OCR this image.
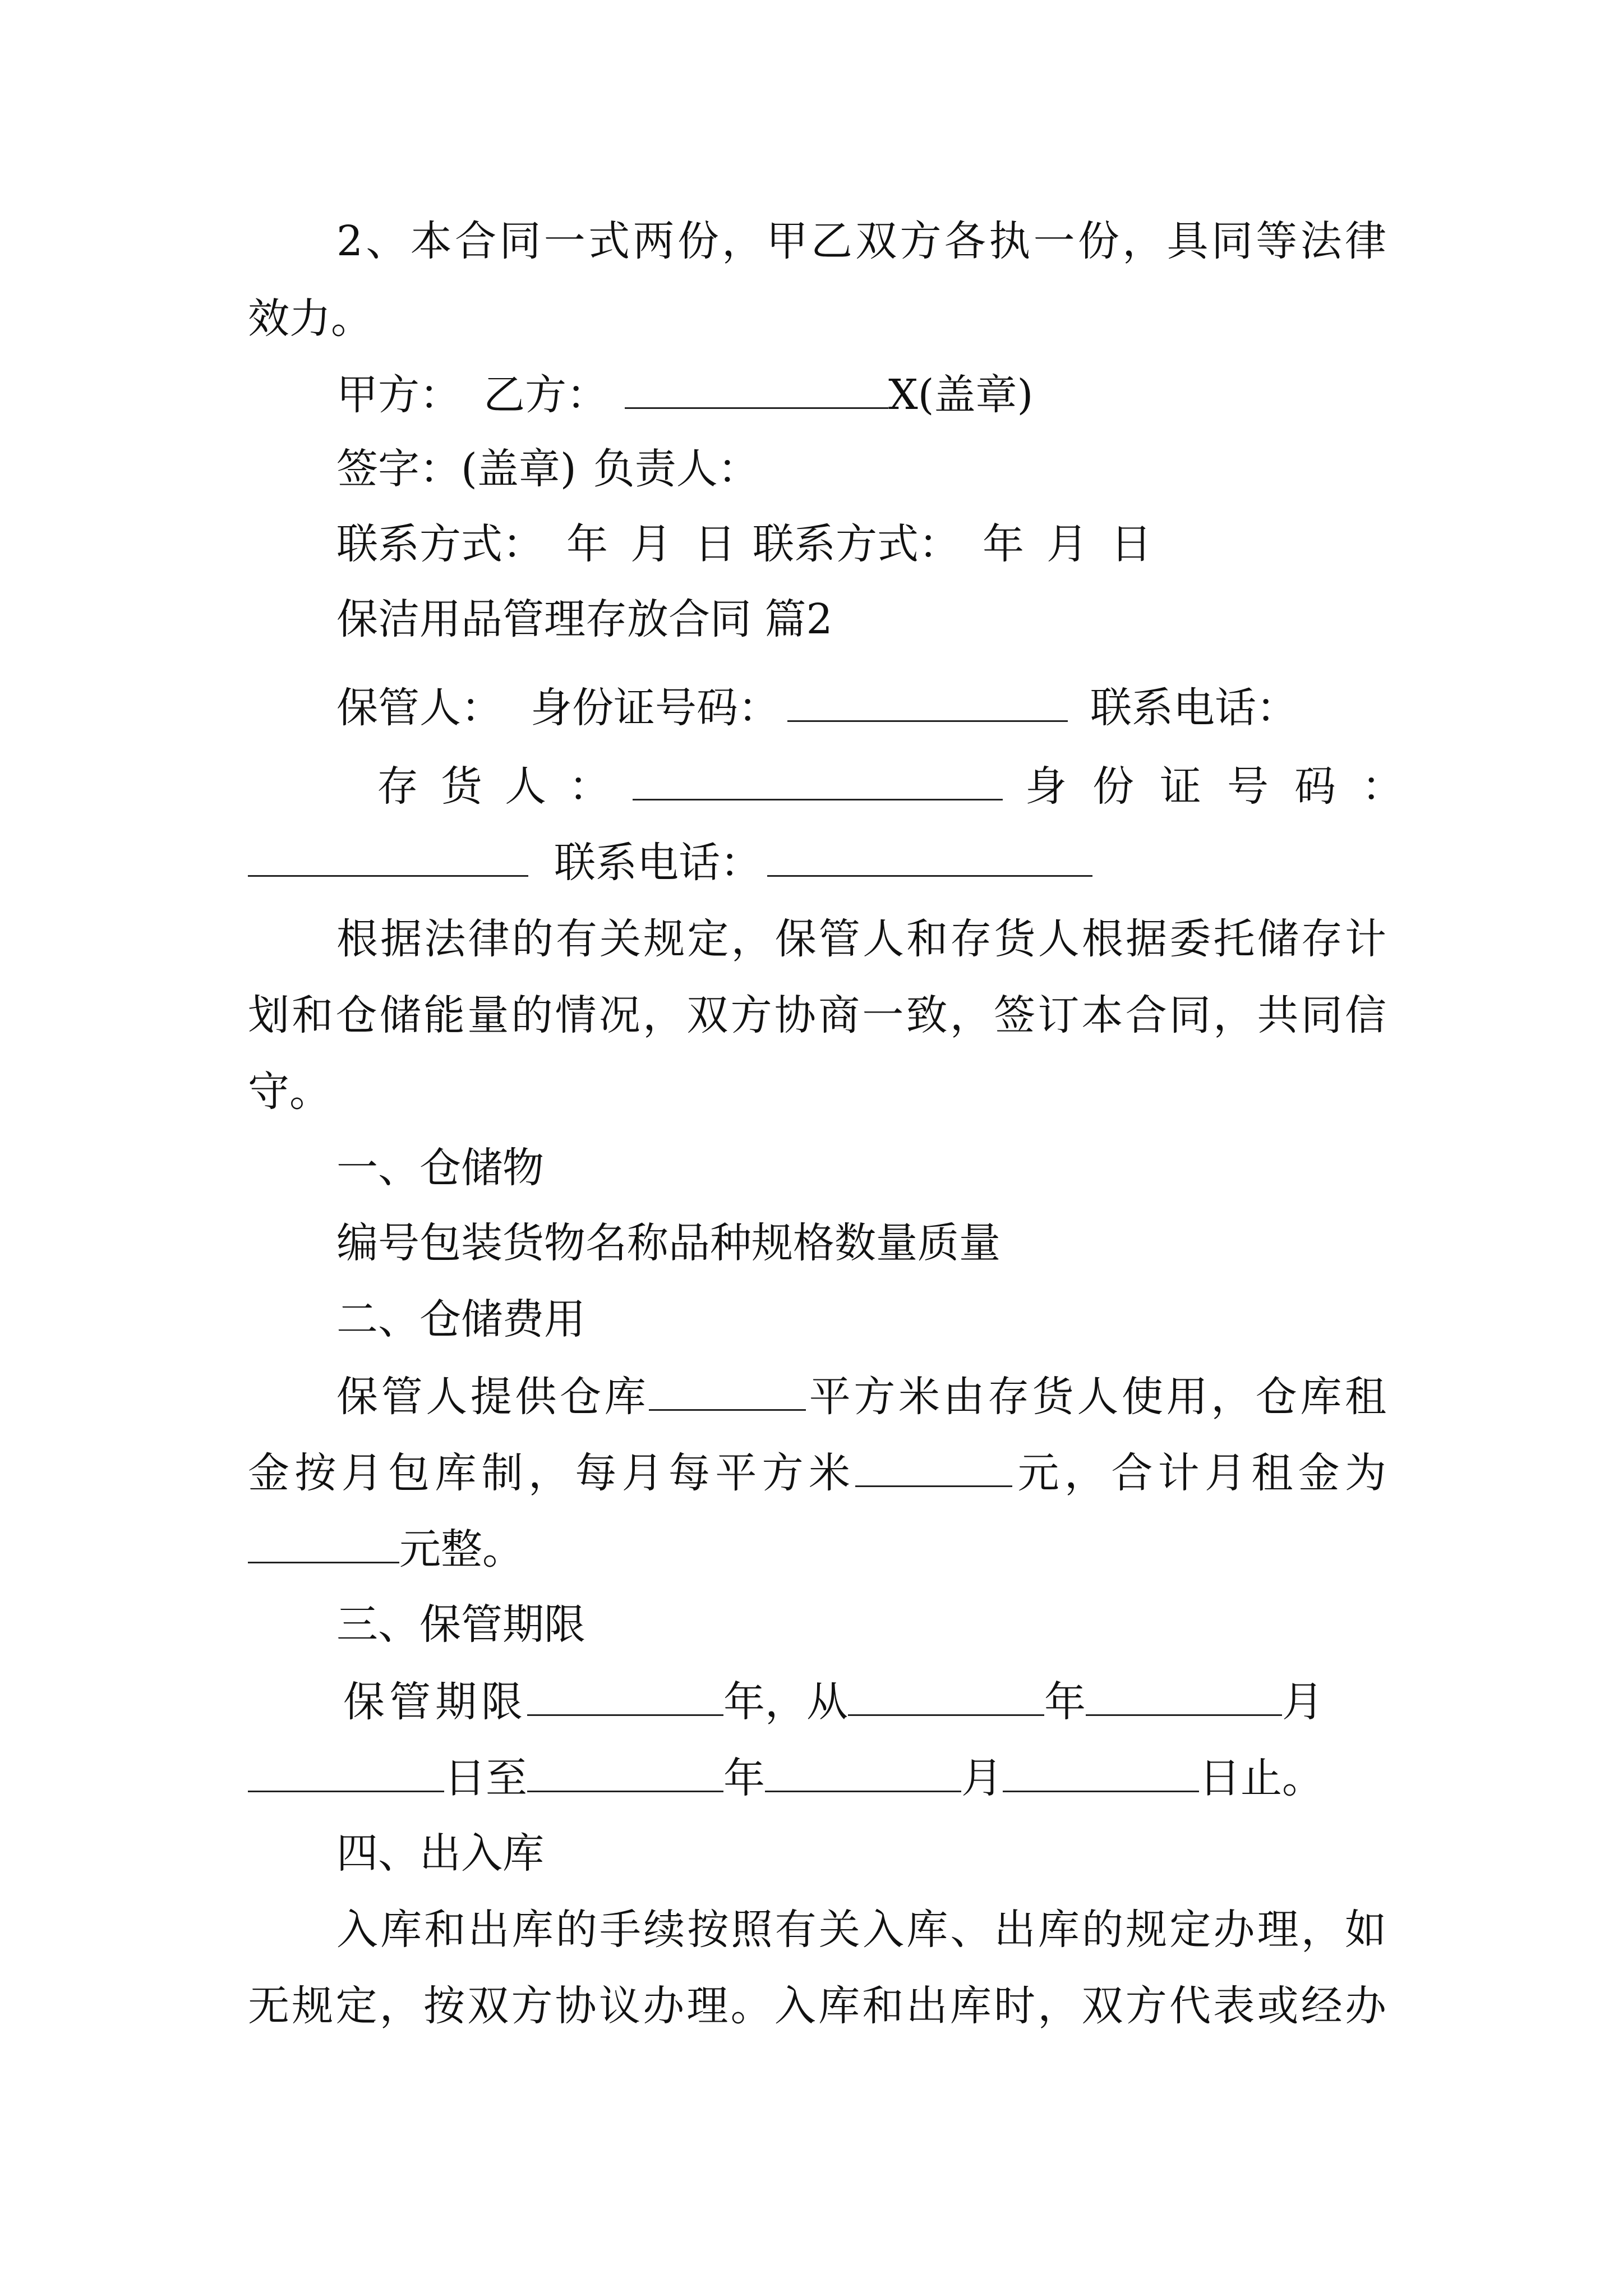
2、本合同一式两份，甲乙双方各执一份，具同等法律
效力。
甲方： 乙方：	X(盖章)
签字：(盖章) 负责人：
联系方式： 年 月 日 联系方式： 年 月 日
保洁用品管理存放合同 篇2
保管人： 身份证号码：	联系电话：
存货人：	身份证号码：
联系电话：
根据法律的有关规定，保管人和存货人根据委托储存计
划和仓储能量的情况，双方协商一致，签订本合同，共同信
守。
一、仓储物
编号包装货物名称品种规格数量质量
二、仓储费用
保管人提供仓库	平方米由存货人使用，仓库租
金按月包库制，每月每平方米	元，合计月租金为
元整。
三、保管期限
保管期限	年，从	年	月
日至	年	月	日止。
四、出入库
入库和出库的手续按照有关入库、出库的规定办理，如
无规定，按双方协议办理。入库和出库时，双方代表或经办
